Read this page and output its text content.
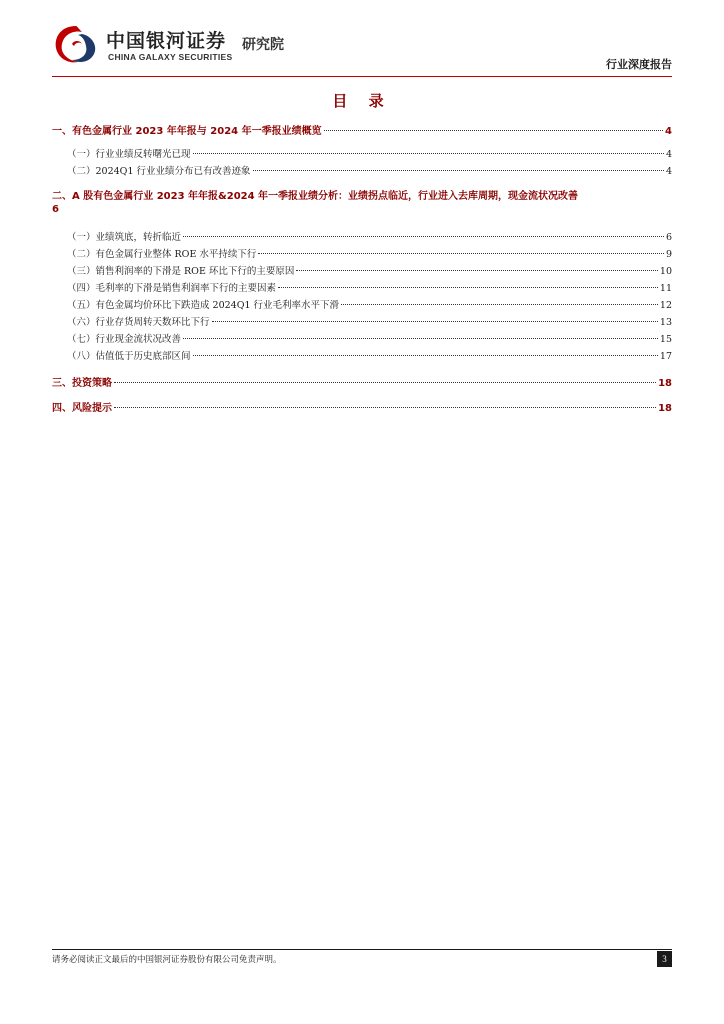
中国银河证券
CHINA GALAXY SECURITIES
研究院
行业深度报告
目 录
一、有色金属行业 2023 年年报与 2024 年一季报业绩概览	4
（一）行业业绩反转曙光已现	4
（二）2024Q1 行业业绩分布已有改善迹象	4
二、A 股有色金属行业 2023 年年报&2024 年一季报业绩分析：业绩拐点临近，行业进入去库周期，现金流状况改善
6
（一）业绩筑底，转折临近	6
（二）有色金属行业整体 ROE 水平持续下行	9
（三）销售利润率的下滑是 ROE 环比下行的主要原因	10
（四）毛利率的下滑是销售利润率下行的主要因素	11
（五）有色金属均价环比下跌造成 2024Q1 行业毛利率水平下滑	12
（六）行业存货周转天数环比下行	13
（七）行业现金流状况改善	15
（八）估值低于历史底部区间	17
三、投资策略	18
四、风险提示	18
请务必阅读正文最后的中国银河证券股份有限公司免责声明。	3
